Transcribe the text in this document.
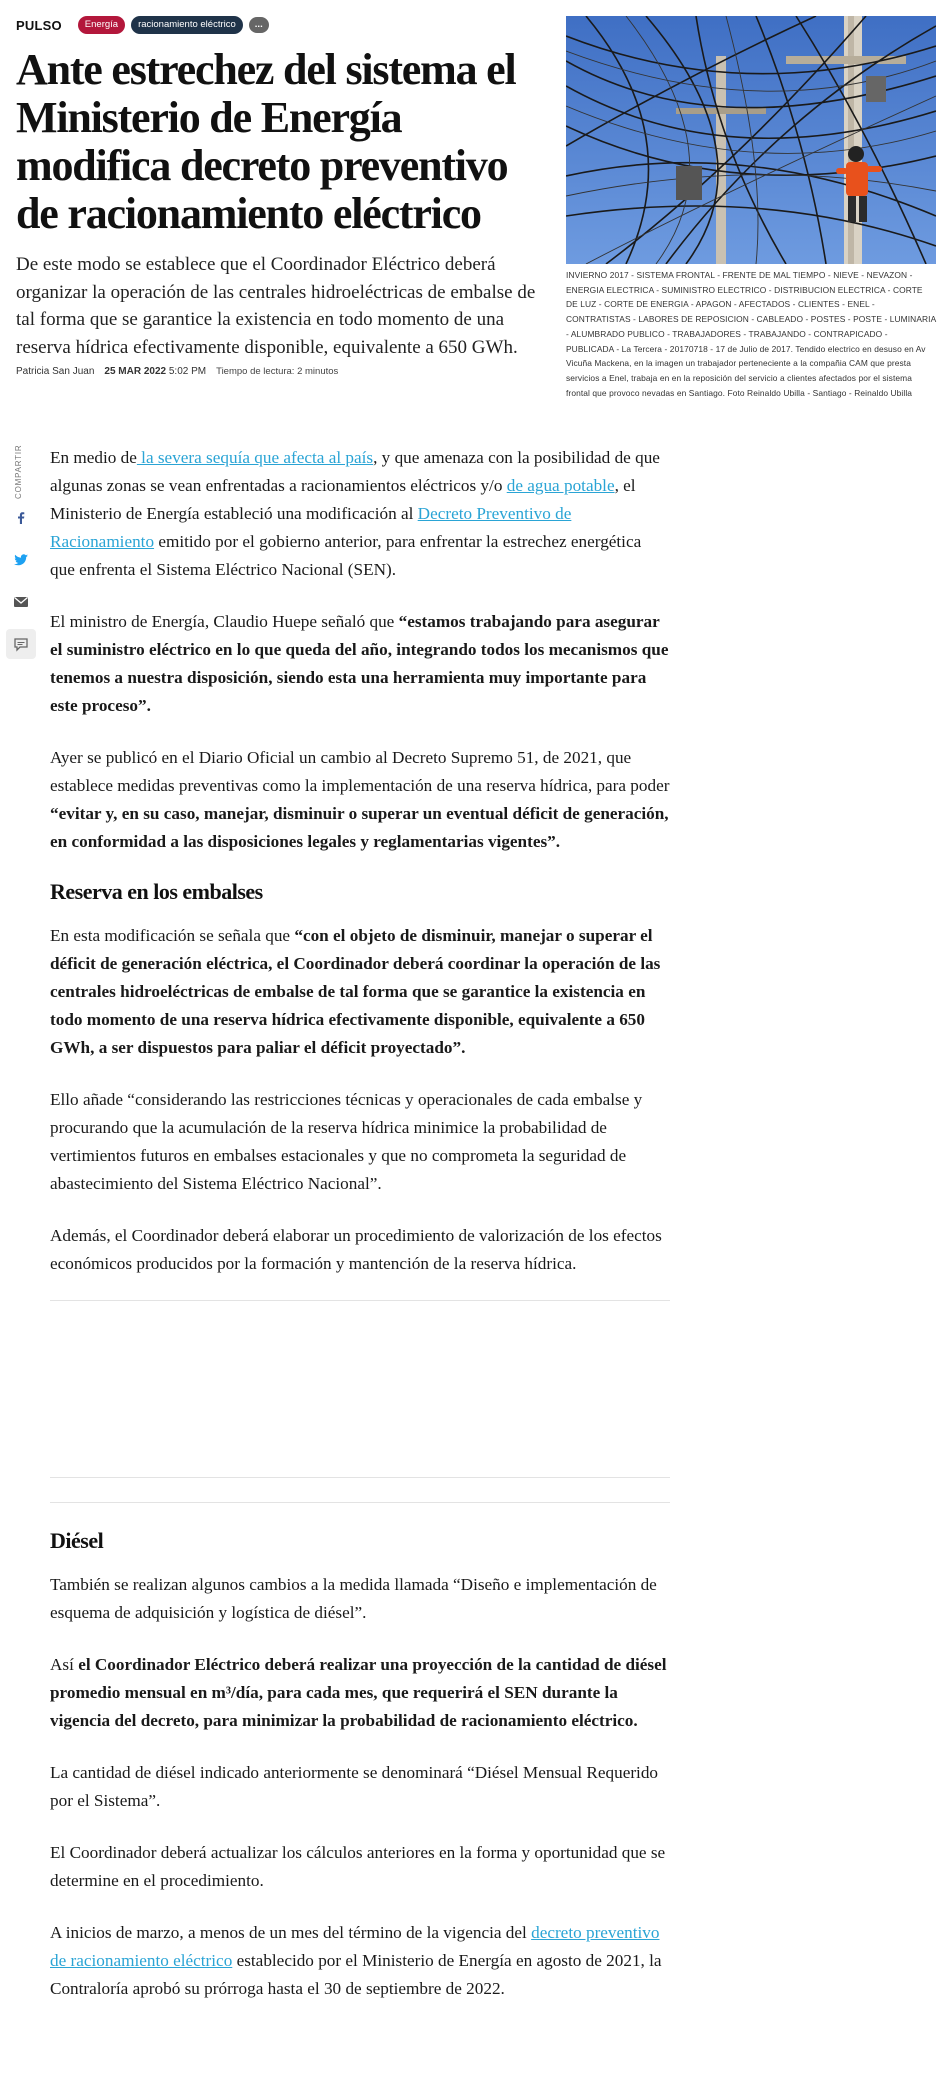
PULSO	Energía	racionamiento eléctrico	...
Ante estrechez del sistema el Ministerio de Energía modifica decreto preventivo de racionamiento eléctrico

De este modo se establece que el Coordinador Eléctrico deberá organizar la operación de las centrales hidroeléctricas de embalse de tal forma que se garantice la existencia en todo momento de una reserva hídrica efectivamente disponible, equivalente a 650 GWh.

Patricia San Juan 25 MAR 2022 5:02 PM Tiempo de lectura: 2 minutos
INVIERNO 2017 - SISTEMA FRONTAL - FRENTE DE MAL TIEMPO - NIEVE - NEVAZON - ENERGIA ELECTRICA - SUMINISTRO ELECTRICO - DISTRIBUCION ELECTRICA - CORTE DE LUZ - CORTE DE ENERGIA - APAGON - AFECTADOS - CLIENTES - ENEL - CONTRATISTAS - LABORES DE REPOSICION - CABLEADO - POSTES - POSTE - LUMINARIA - ALUMBRADO PUBLICO - TRABAJADORES - TRABAJANDO - CONTRAPICADO - PUBLICADA - La Tercera - 20170718 - 17 de Julio de 2017. Tendido electrico en desuso en Av Vicuña Mackena, en la imagen un trabajador perteneciente a la compañia CAM que presta servicios a Enel, trabaja en en la reposición del servicio a clientes afectados por el sistema frontal que provoco nevadas en Santiago. Foto Reinaldo Ubilla - Santiago - Reinaldo Ubilla
COMPARTIR En medio de la severa sequía que afecta al país, y que amenaza con la posibilidad de que algunas zonas se vean enfrentadas a racionamientos eléctricos y/o de agua potable, el Ministerio de Energía estableció una modificación al Decreto Preventivo de Racionamiento emitido por el gobierno anterior, para enfrentar la estrechez energética que enfrenta el Sistema Eléctrico Nacional (SEN).

El ministro de Energía, Claudio Huepe señaló que “estamos trabajando para asegurar el suministro eléctrico en lo que queda del año, integrando todos los mecanismos que tenemos a nuestra disposición, siendo esta una herramienta muy importante para este proceso”.

Ayer se publicó en el Diario Oficial un cambio al Decreto Supremo 51, de 2021, que establece medidas preventivas como la implementación de una reserva hídrica, para poder “evitar y, en su caso, manejar, disminuir o superar un eventual déficit de generación, en conformidad a las disposiciones legales y reglamentarias vigentes”.

Reserva en los embalses

En esta modificación se señala que “con el objeto de disminuir, manejar o superar el déficit de generación eléctrica, el Coordinador deberá coordinar la operación de las centrales hidroeléctricas de embalse de tal forma que se garantice la existencia en todo momento de una reserva hídrica efectivamente disponible, equivalente a 650 GWh, a ser dispuestos para paliar el déficit proyectado”.

Ello añade “considerando las restricciones técnicas y operacionales de cada embalse y procurando que la acumulación de la reserva hídrica minimice la probabilidad de vertimientos futuros en embalses estacionales y que no comprometa la seguridad de abastecimiento del Sistema Eléctrico Nacional”.

Además, el Coordinador deberá elaborar un procedimiento de valorización de los efectos económicos producidos por la formación y mantención de la reserva hídrica.

Diésel

También se realizan algunos cambios a la medida llamada “Diseño e implementación de esquema de adquisición y logística de diésel”.

Así el Coordinador Eléctrico deberá realizar una proyección de la cantidad de diésel promedio mensual en m³/día, para cada mes, que requerirá el SEN durante la vigencia del decreto, para minimizar la probabilidad de racionamiento eléctrico.

La cantidad de diésel indicado anteriormente se denominará “Diésel Mensual Requerido por el Sistema”.

El Coordinador deberá actualizar los cálculos anteriores en la forma y oportunidad que se determine en el procedimiento.

A inicios de marzo, a menos de un mes del término de la vigencia del decreto preventivo de racionamiento eléctrico establecido por el Ministerio de Energía en agosto de 2021, la Contraloría aprobó su prórroga hasta el 30 de septiembre de 2022.
